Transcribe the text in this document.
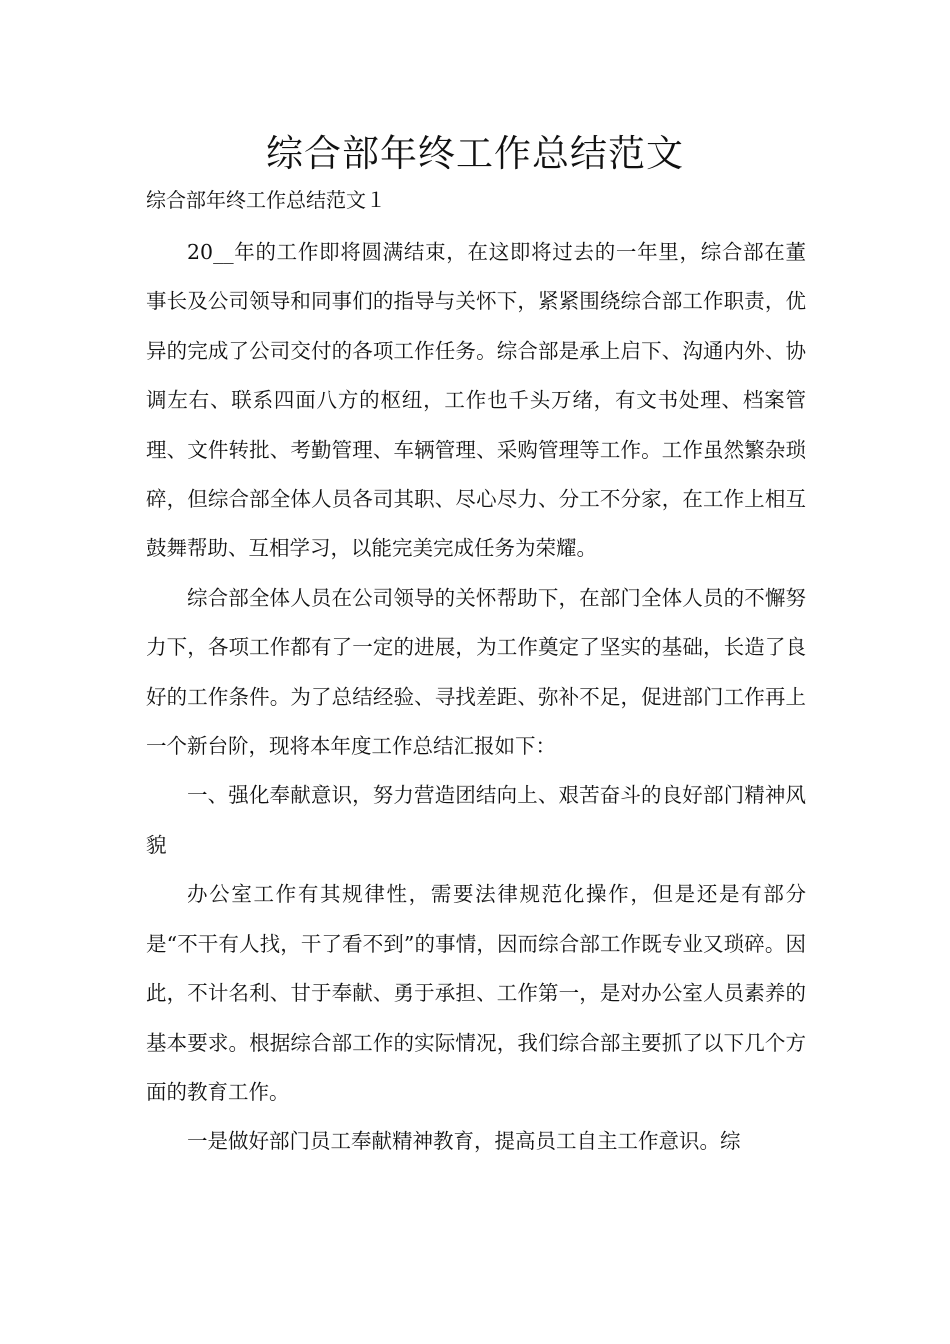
综合部年终工作总结范文

综合部年终工作总结范文１

20__年的工作即将圆满结束，在这即将过去的一年里，综合部在董事长及公司领导和同事们的指导与关怀下，紧紧围绕综合部工作职责，优异的完成了公司交付的各项工作任务。综合部是承上启下、沟通内外、协调左右、联系四面八方的枢纽，工作也千头万绪，有文书处理、档案管理、文件转批、考勤管理、车辆管理、采购管理等工作。工作虽然繁杂琐碎，但综合部全体人员各司其职、尽心尽力、分工不分家，在工作上相互鼓舞帮助、互相学习，以能完美完成任务为荣耀。

综合部全体人员在公司领导的关怀帮助下，在部门全体人员的不懈努力下，各项工作都有了一定的进展，为工作奠定了坚实的基础，长造了良好的工作条件。为了总结经验、寻找差距、弥补不足，促进部门工作再上一个新台阶，现将本年度工作总结汇报如下：

一、强化奉献意识，努力营造团结向上、艰苦奋斗的良好部门精神风貌

办公室工作有其规律性，需要法律规范化操作，但是还是有部分是“不干有人找，干了看不到”的事情，因而综合部工作既专业又琐碎。因此，不计名利、甘于奉献、勇于承担、工作第一，是对办公室人员素养的基本要求。根据综合部工作的实际情况，我们综合部主要抓了以下几个方面的教育工作。

一是做好部门员工奉献精神教育，提高员工自主工作意识。综
